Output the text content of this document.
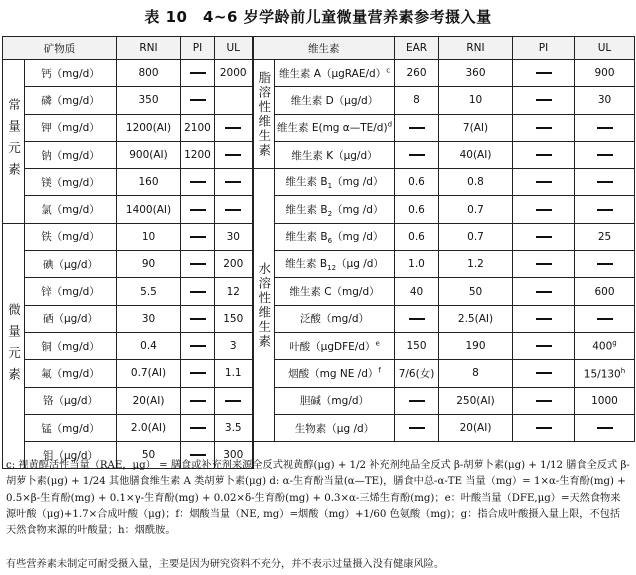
表 10　4~6 岁学龄前儿童微量营养素参考摄入量
矿物质		RNI	PI	UL	维生素		EAR	RNI	PI	UL
常量元素	钙（mg/d）	800		2000	脂溶性维生素	维生素 A（μgRAE/d）$^c$	260	360		900
	磷（mg/d）	350				维生素 D（μg/d）	8	10		30
	钾（mg/d）	1200(AI)	2100			维生素 E(mg α—TE/d)$^d$		7(AI)		
	钠（mg/d）	900(AI)	1200			维生素 K（μg/d）		40(AI)		
	镁（mg/d）	160			水溶性维生素	维生素 $B_1(mg$ /d）	0.6	0.8		
	氯（mg/d）	1400(AI)				维生素 $B_2(mg$ /d）	0.6	0.7		
微量元素	铁（mg/d）	10		30		维生素 $B_6(mg$ /d）	0.6	0.7		25
	碘（μg/d）	90		200		维生素 $B_{12}(\mu g$ /d）	1.0	1.2		
	锌（mg/d）	5.5		12		维生素 C（mg/d）	40	50		600
	硒（μg/d）	30		150		泛酸（mg/d）		2.5(AI)		
	铜（mg/d）	0.4		3		叶酸（μgDFE/d）$^e$	150	190		400$^g$
	氟（mg/d）	0.7(AI)		1.1		烟酸（mg NE /d）$^f$	7/6(女)	8		15/130$^h$
	铬（μg/d）	20(AI)				胆碱（mg/d）		250(AI)		1000
	锰（mg/d）	2.0(AI)		3.5		生物素（μg /d）		20(AI)		
	钼（μg/d）	50		300						

c: 视黄醇活性当量（RAE，μg） = 膳食或补充剂来源全反式视黄醇(μg) + 1/2 补充剂纯品全反式 β-胡萝卜素(μg) + 1/12 膳食全反式 β-胡萝卜素(μg) + 1/24 其他膳食维生素 A 类胡萝卜素(μg) d: α-生育酚当量(α—TE)，膳食中总-α-TE 当量（mg）= 1×α-生育酚(mg) + 0.5×β-生育酚(mg) + 0.1×γ-生育酚(mg) + 0.02×δ-生育酚(mg) + 0.3×α-三烯生育酚(mg)；e：叶酸当量（DFE,μg）=天然食物来源叶酸（μg)+1.7×合成叶酸（μg)；f：烟酸当量（NE, mg）=烟酸（mg）+1/60 色氨酸（mg)；g：指合成叶酸摄入量上限，不包括天然食物来源的叶酸量；h：烟酰胺。

有些营养素未制定可耐受摄入量，主要是因为研究资料不充分，并不表示过量摄入没有健康风险。
